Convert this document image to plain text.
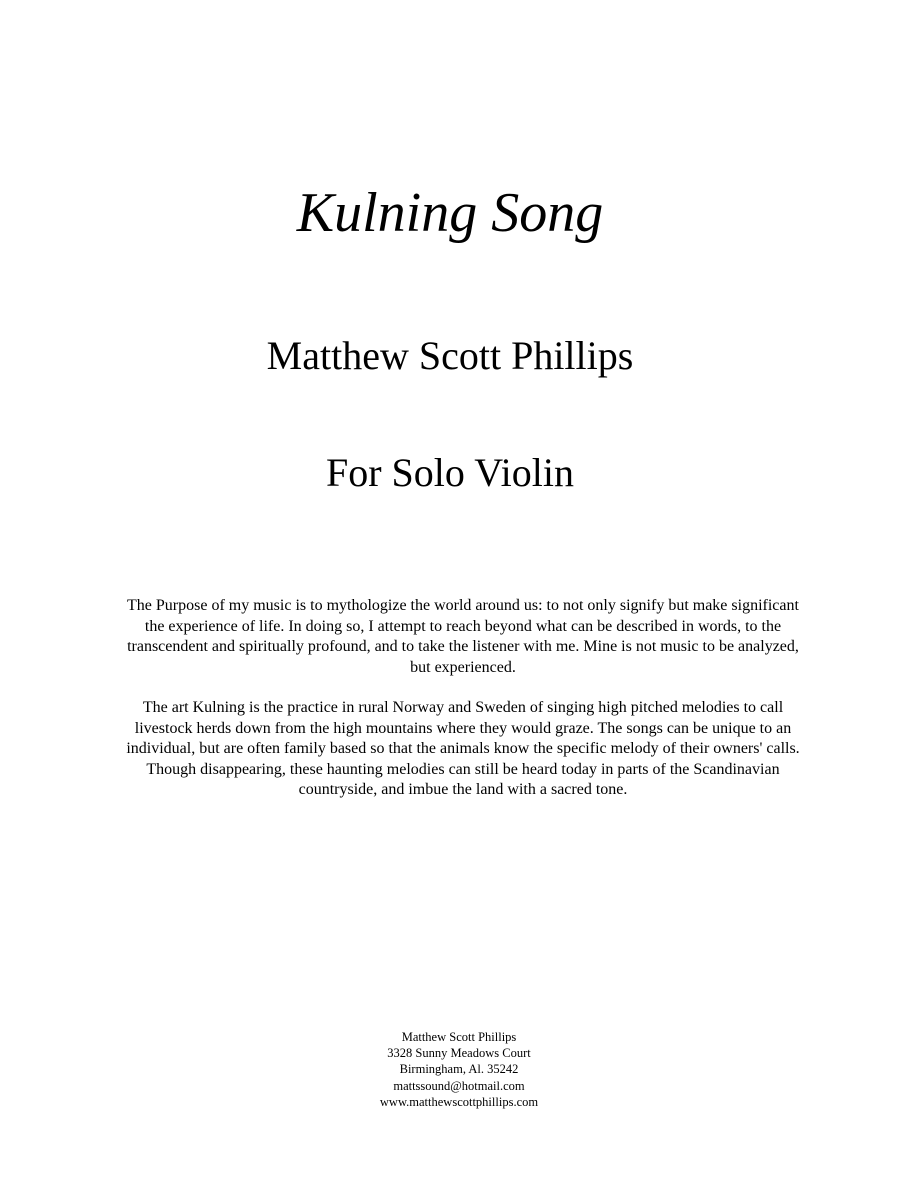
Kulning Song
Matthew Scott Phillips
For Solo Violin

The Purpose of my music is to mythologize the world around us: to not only signify but make significant the experience of life. In doing so, I attempt to reach beyond what can be described in words, to the transcendent and spiritually profound, and to take the listener with me. Mine is not music to be analyzed, but experienced.

The art Kulning is the practice in rural Norway and Sweden of singing high pitched melodies to call livestock herds down from the high mountains where they would graze. The songs can be unique to an individual, but are often family based so that the animals know the specific melody of their owners' calls. Though disappearing, these haunting melodies can still be heard today in parts of the Scandinavian countryside, and imbue the land with a sacred tone.

Matthew Scott Phillips
3328 Sunny Meadows Court
Birmingham, Al. 35242
mattssound@hotmail.com
www.matthewscottphillips.com
